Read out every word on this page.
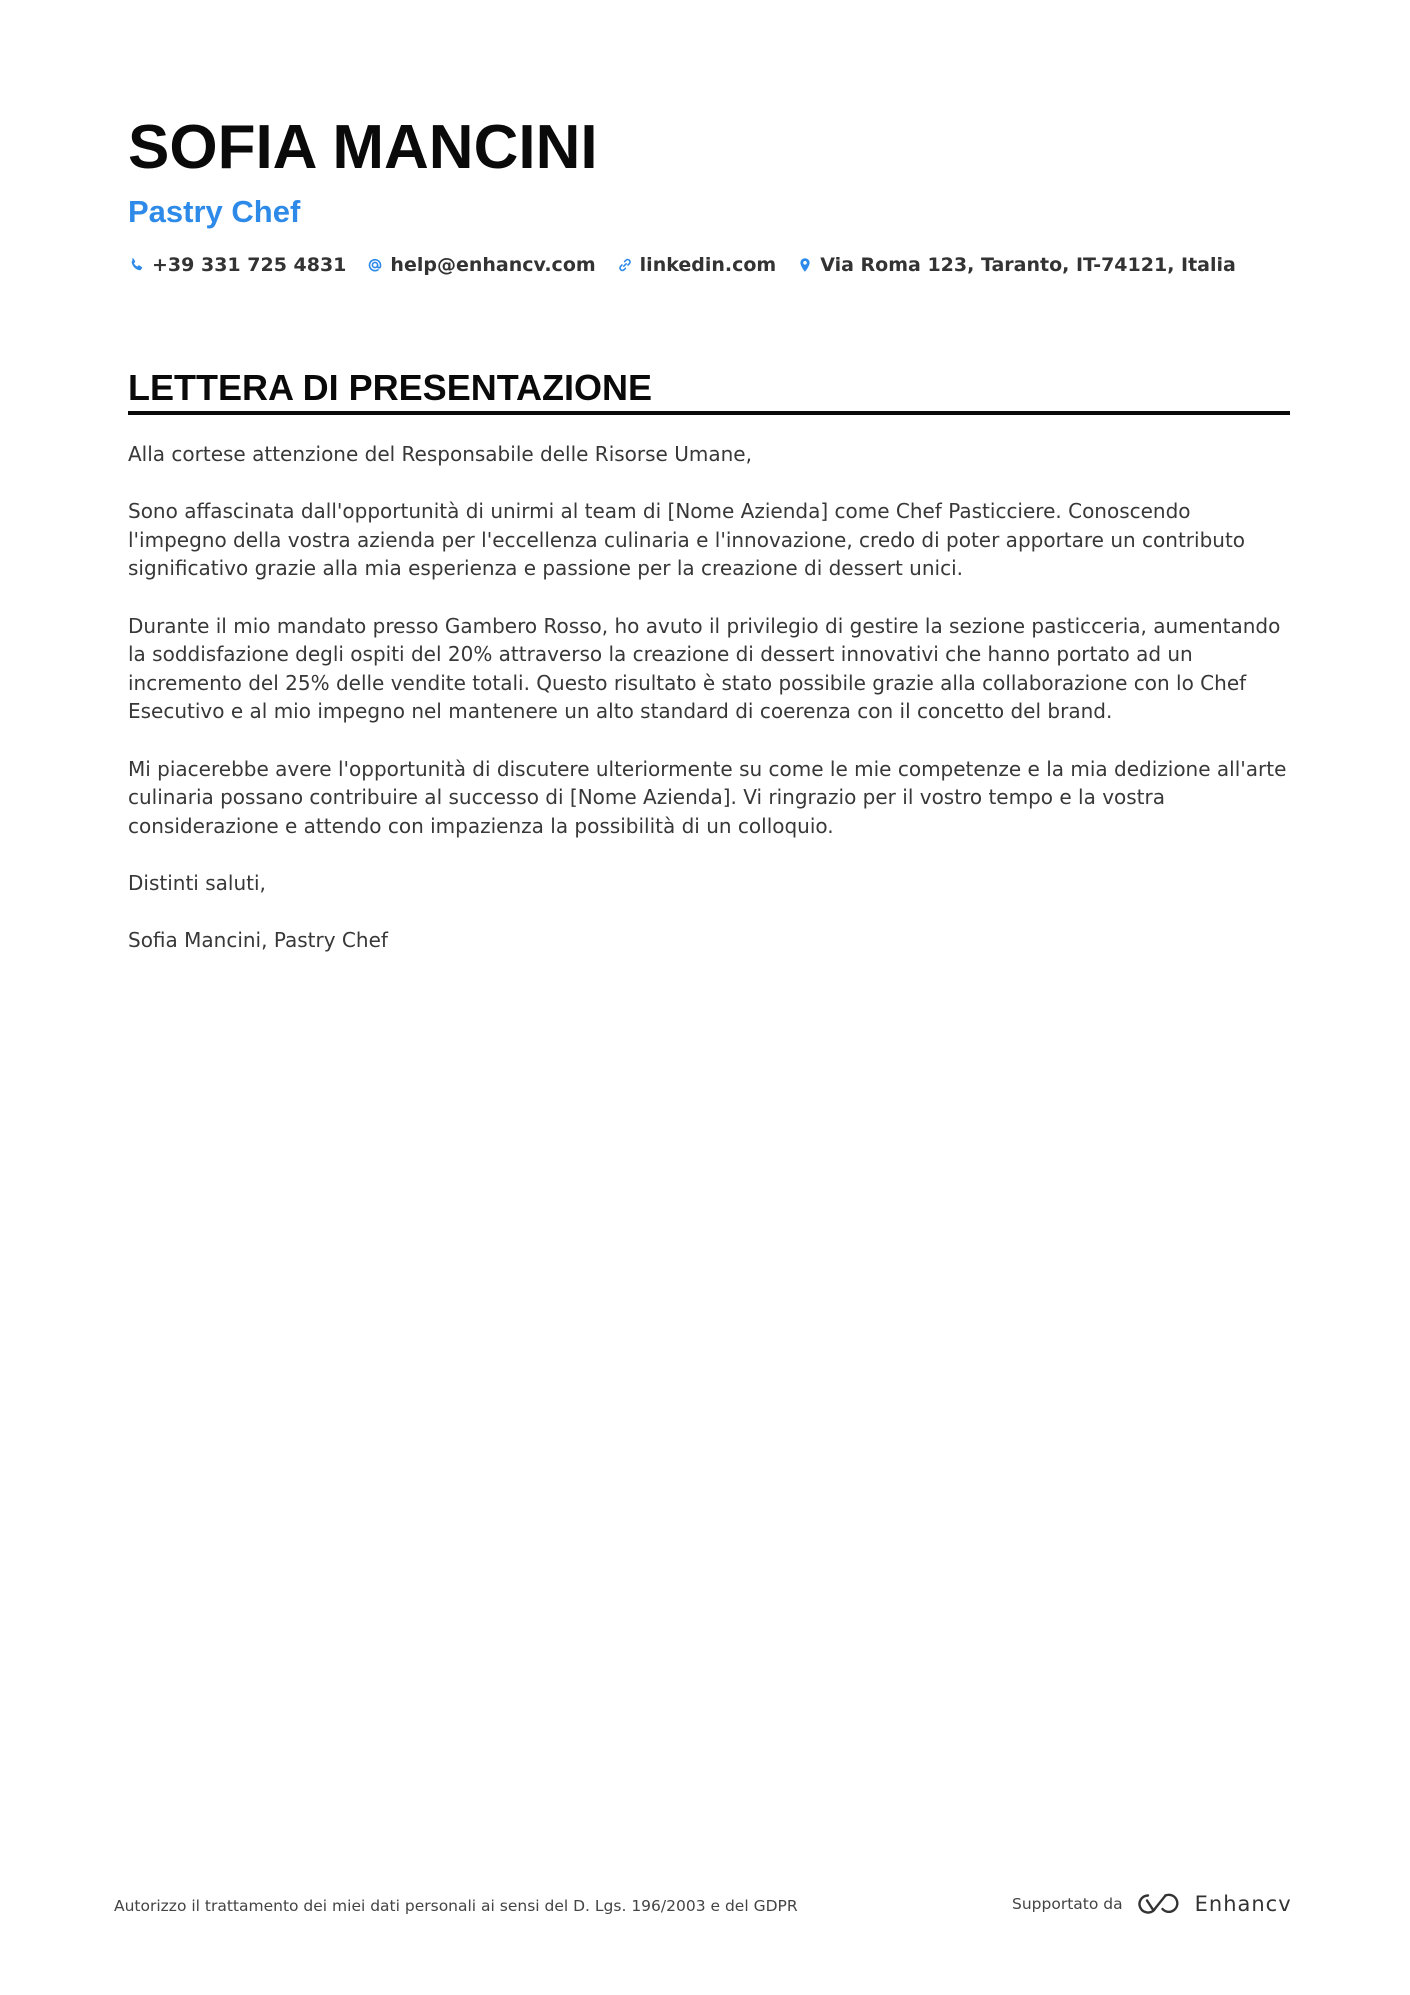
SOFIA MANCINI
Pastry Chef
+39 331 725 4831 help@enhancv.com linkedin.com Via Roma 123, Taranto, IT-74121, Italia
LETTERA DI PRESENTAZIONE

Alla cortese attenzione del Responsabile delle Risorse Umane,

Sono affascinata dall'opportunità di unirmi al team di [Nome Azienda] come Chef Pasticciere. Conoscendo l'impegno della vostra azienda per l'eccellenza culinaria e l'innovazione, credo di poter apportare un contributo significativo grazie alla mia esperienza e passione per la creazione di dessert unici.

Durante il mio mandato presso Gambero Rosso, ho avuto il privilegio di gestire la sezione pasticceria, aumentando la soddisfazione degli ospiti del 20% attraverso la creazione di dessert innovativi che hanno portato ad un incremento del 25% delle vendite totali. Questo risultato è stato possibile grazie alla collaborazione con lo Chef Esecutivo e al mio impegno nel mantenere un alto standard di coerenza con il concetto del brand.

Mi piacerebbe avere l'opportunità di discutere ulteriormente su come le mie competenze e la mia dedizione all'arte culinaria possano contribuire al successo di [Nome Azienda]. Vi ringrazio per il vostro tempo e la vostra considerazione e attendo con impazienza la possibilità di un colloquio.

Distinti saluti,

Sofia Mancini, Pastry Chef

Autorizzo il trattamento dei miei dati personali ai sensi del D. Lgs. 196/2003 e del GDPR	Supportato da	Enhancv
